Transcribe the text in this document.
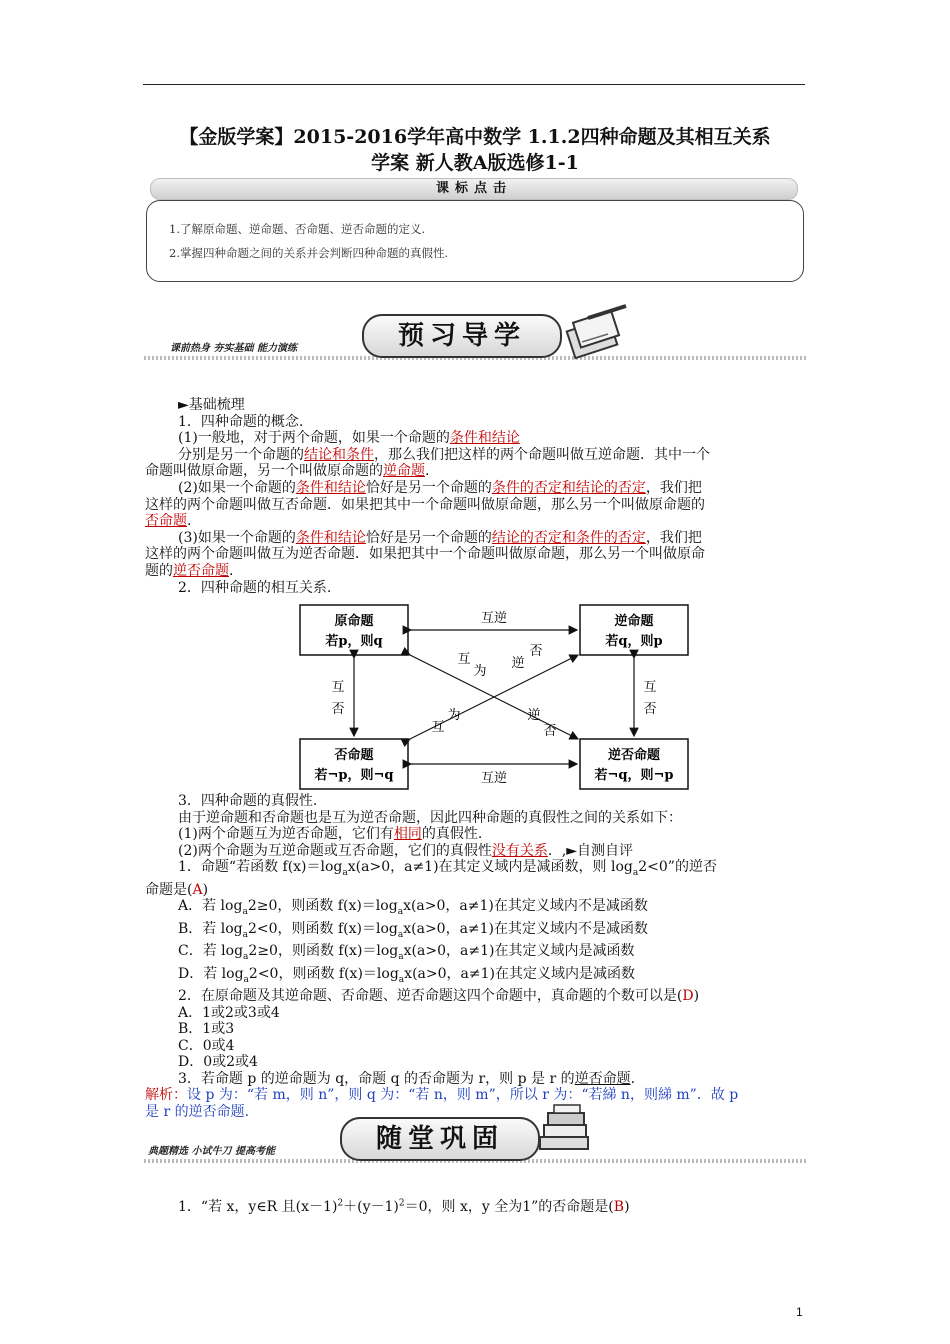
【金版学案】2015-2016学年高中数学 1.1.2四种命题及其相互关系
学案 新人教A版选修1-1
课标点击
1.了解原命题、逆命题、否命题、逆否命题的定义.
2.掌握四种命题之间的关系并会判断四种命题的真假性.
课前热身 夯实基础 能力演练	预习导学

►基础梳理

1．四种命题的概念.

(1)一般地，对于两个命题，如果一个命题的条件和结论

分别是另一个命题的结论和条件，那么我们把这样的两个命题叫做互逆命题．其中一个

命题叫做原命题，另一个叫做原命题的逆命题.

(2)如果一个命题的条件和结论恰好是另一个命题的条件的否定和结论的否定，我们把

这样的两个命题叫做互否命题．如果把其中一个命题叫做原命题，那么另一个叫做原命题的

否命题.

(3)如果一个命题的条件和结论恰好是另一个命题的结论的否定和条件的否定，我们把

这样的两个命题叫做互为逆否命题．如果把其中一个命题叫做原命题，那么另一个叫做原命

题的逆否命题.

2．四种命题的相互关系.

原命题
若p，则q
逆命题
若q，则p
否命题
若¬p，则¬q
逆否命题
若¬q，则¬p
互逆
互逆
互
否
互
否
互
为
逆
否
为
互
逆
否

3．四种命题的真假性.

由于逆命题和否命题也是互为逆否命题，因此四种命题的真假性之间的关系如下：

(1)两个命题互为逆否命题，它们有相同的真假性.

(2)两个命题为互逆命题或互否命题，它们的真假性没有关系．,►自测自评

1．命题“若函数 $f(x)=\log_ax(a>0$，a≠1)在其定义域内是减函数，则 $\log_a2<0$”的逆否

命题是(A)

A．若 $\log_a2\ge 0$，则函数 $f(x)=\log_ax(a>0$，a≠1)在其定义域内不是减函数

B．若 $\log_a2<0$，则函数 $f(x)=\log_ax(a>0$，a≠1)在其定义域内不是减函数

C．若 $\log_a2\ge 0$，则函数 $f(x)=\log_ax(a>0$，a≠1)在其定义域内是减函数

D．若 $\log_a2<0$，则函数 $f(x)=\log_ax(a>0$，a≠1)在其定义域内是减函数

2．在原命题及其逆命题、否命题、逆否命题这四个命题中，真命题的个数可以是(D)

A．1或2或3或4

B．1或3

C．0或4

D．0或2或4

3．若命题 p 的逆命题为 q，命题 q 的否命题为 r，则 p 是 r 的逆否命题.

解析：设 p 为：“若 m，则 n”，则 q 为：“若 n，则 m”，所以 r 为：“若綈 n，则綈 m”．故 p

是 r 的逆否命题.

典题精选 小试牛刀 提高考能	随堂巩固
1．“若 x，y∈R 且$(x-1)^2+(y-1)^2=0$，则 x，y 全为1”的否命题是(B)
1
